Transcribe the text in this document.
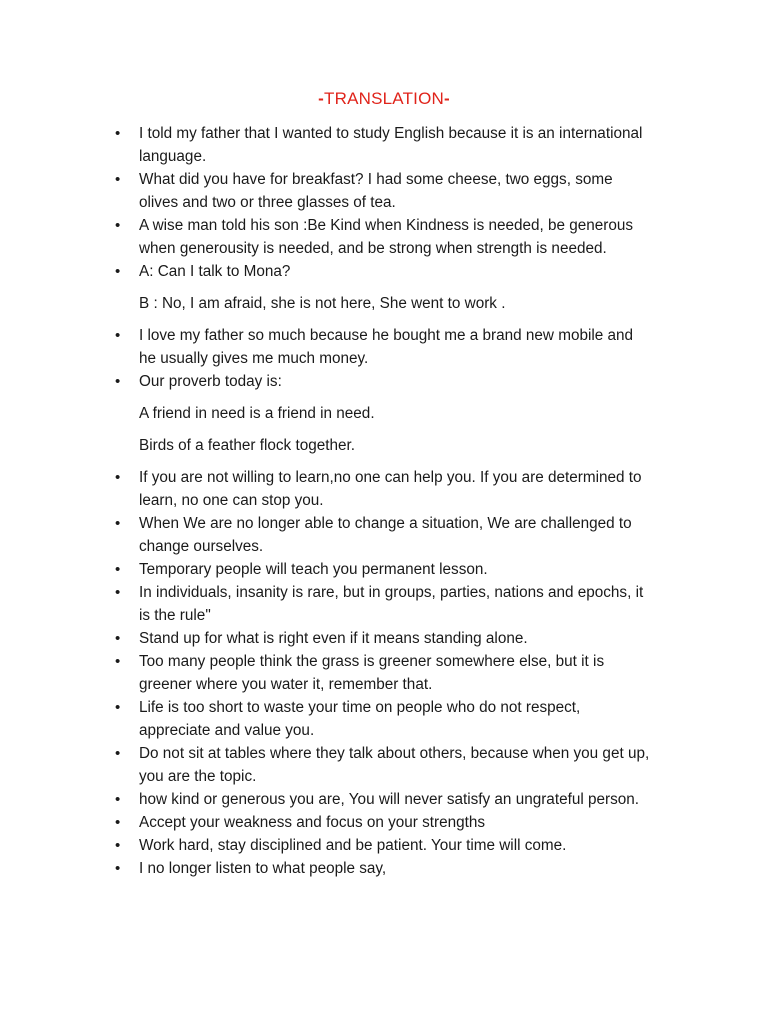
-TRANSLATION-
• I told my father that I wanted to study English because it is an international language.
• What did you have for breakfast? I had some cheese, two eggs, some olives and two or three glasses of tea.
• A wise man told his son :Be Kind when Kindness is needed, be generous when generousity is needed, and be strong when strength is needed.
• A: Can I talk to Mona?
B : No, I am afraid, she is not here, She went to work .
• I love my father so much because he bought me a brand new mobile and he usually gives me much money.
• Our proverb today is:
A friend in need is a friend in need.
Birds of a feather flock together.
• If you are not willing to learn,no one can help you. If you are determined to learn, no one can stop you.
• When We are no longer able to change a situation, We are challenged to change ourselves.
• Temporary people will teach you permanent lesson.
• In individuals, insanity is rare, but in groups, parties, nations and epochs, it is the rule"
• Stand up for what is right even if it means standing alone.
• Too many people think the grass is greener somewhere else, but it is greener where you water it, remember that.
• Life is too short to waste your time on people who do not respect, appreciate and value you.
• Do not sit at tables where they talk about others, because when you get up, you are the topic.
• how kind or generous you are, You will never satisfy an ungrateful person.
• Accept your weakness and focus on your strengths
• Work hard, stay disciplined and be patient. Your time will come.
• I no longer listen to what people say,
